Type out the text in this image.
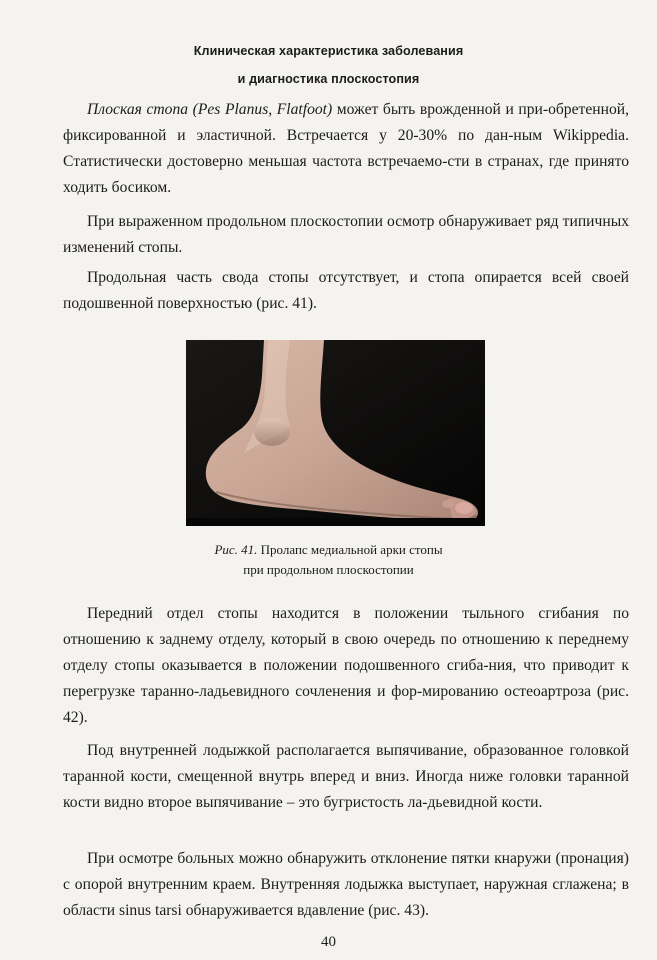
Клиническая характеристика заболевания
и диагностика плоскостопия

Плоская стопа (Pes Planus, Flatfoot) может быть врожденной и при-обретенной, фиксированной и эластичной. Встречается у 20-30% по дан-ным Wikippedia. Статистически достоверно меньшая частота встречаемо-сти в странах, где принято ходить босиком.

При выраженном продольном плоскостопии осмотр обнаруживает ряд типичных изменений стопы.

Продольная часть свода стопы отсутствует, и стопа опирается всей своей подошвенной поверхностью (рис. 41).

Рис. 41. Пролапс медиальной арки стопы
при продольном плоскостопии

Передний отдел стопы находится в положении тыльного сгибания по отношению к заднему отделу, который в свою очередь по отношению к переднему отделу стопы оказывается в положении подошвенного сгиба-ния, что приводит к перегрузке таранно-ладьевидного сочленения и фор-мированию остеоартроза (рис. 42).

Под внутренней лодыжкой располагается выпячивание, образованное головкой таранной кости, смещенной внутрь вперед и вниз. Иногда ниже головки таранной кости видно второе выпячивание – это бугристость ла-дьевидной кости.

При осмотре больных можно обнаружить отклонение пятки кнаружи (пронация) с опорой внутренним краем. Внутренняя лодыжка выступает, наружная сглажена; в области sinus tarsi обнаруживается вдавление (рис. 43).

40
